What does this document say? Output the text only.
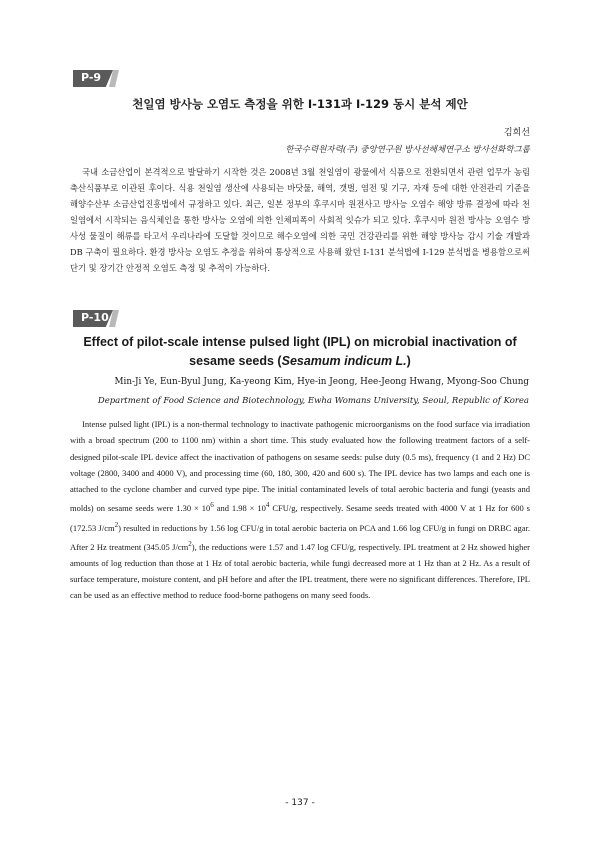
P-9
천일염 방사능 오염도 측정을 위한 I-131과 I-129 동시 분석 제안
김희선
한국수력원자력(주) 중앙연구원 방사선해체연구소 방사선화학그룹

국내 소금산업이 본격적으로 발달하기 시작한 것은 2008년 3월 천일염이 광물에서 식품으로 전환되면서 관련 업무가 농림축산식품부로 이관된 후이다. 식용 천일염 생산에 사용되는 바닷물, 해역, 갯벌, 염전 및 기구, 자재 등에 대한 안전관리 기준을 해양수산부 소금산업진흥법에서 규정하고 있다. 최근, 일본 정부의 후쿠시마 원전사고 방사능 오염수 해양 방류 결정에 따라 천일염에서 시작되는 음식체인을 통한 방사능 오염에 의한 인체피폭이 사회적 잇슈가 되고 있다. 후쿠시마 원전 방사능 오염수 방사성 물질이 해류를 타고서 우리나라에 도달할 것이므로 해수오염에 의한 국민 건강관리를 위한 해양 방사능 감시 기술 개발과 DB 구축이 필요하다. 환경 방사능 오염도 추정을 위하여 통상적으로 사용해 왔던 I-131 분석법에 I-129 분석법을 병용함으로써 단기 및 장기간 안정적 오염도 측정 및 추적이 가능하다.

P-10
Effect of pilot-scale intense pulsed light (IPL) on microbial inactivation of sesame seeds (Sesamum indicum L.)
Min-Ji Ye, Eun-Byul Jung, Ka-yeong Kim, Hye-in Jeong, Hee-Jeong Hwang, Myong-Soo Chung
Department of Food Science and Biotechnology, Ewha Womans University, Seoul, Republic of Korea

Intense pulsed light (IPL) is a non-thermal technology to inactivate pathogenic microorganisms on the food surface via irradiation with a broad spectrum (200 to 1100 nm) within a short time. This study evaluated how the following treatment factors of a self-designed pilot-scale IPL device affect the inactivation of pathogens on sesame seeds: pulse duty (0.5 ms), frequency (1 and 2 Hz) DC voltage (2800, 3400 and 4000 V), and processing time (60, 180, 300, 420 and 600 s). The IPL device has two lamps and each one is attached to the cyclone chamber and curved type pipe. The initial contaminated levels of total aerobic bacteria and fungi (yeasts and molds) on sesame seeds were $1.30 \times 10^6$ and $1.98 \times 10^4$ CFU/g, respectively. Sesame seeds treated with 4000 V at 1 Hz for 600 s (172.53 $J/cm^2$) resulted in reductions by 1.56 log CFU/g in total aerobic bacteria on PCA and 1.66 log CFU/g in fungi on DRBC agar. After 2 Hz treatment (345.05 $J/cm^2$), the reductions were 1.57 and 1.47 log CFU/g, respectively. IPL treatment at 2 Hz showed higher amounts of log reduction than those at 1 Hz of total aerobic bacteria, while fungi decreased more at 1 Hz than at 2 Hz. As a result of surface temperature, moisture content, and pH before and after the IPL treatment, there were no significant differences. Therefore, IPL can be used as an effective method to reduce food-borne pathogens on many seed foods.

- 137 -
